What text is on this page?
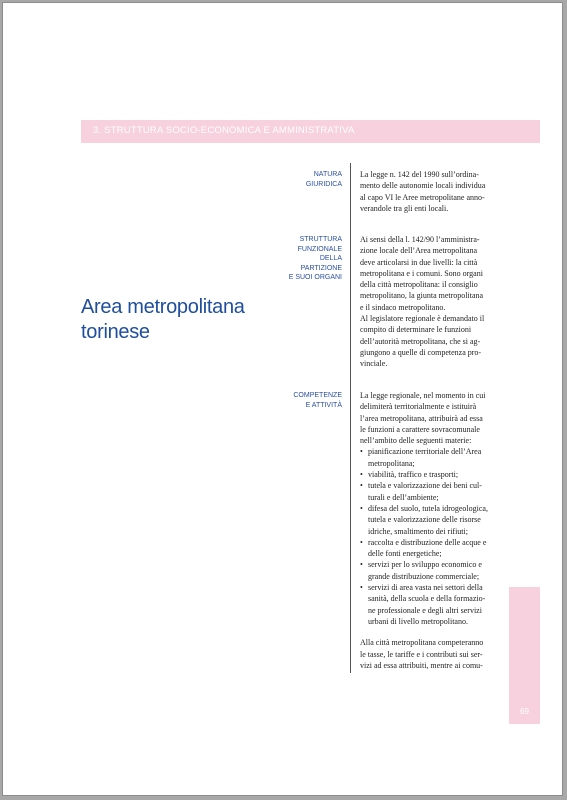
3. STRUTTURA SOCIO-ECONOMICA E AMMINISTRATIVA
Area metropolitana
torinese
NATURA
GIURIDICA
La legge n. 142 del 1990 sull’ordina-
mento delle autonomie locali individua
al capo VI le Aree metropolitane anno-
verandole tra gli enti locali.
STRUTTURA
FUNZIONALE
DELLA
PARTIZIONE
E SUOI ORGANI
Ai sensi della l. 142/90 l’amministra-
zione locale dell’Area metropolitana
deve articolarsi in due livelli: la città
metropolitana e i comuni. Sono organi
della città metropolitana: il consiglio
metropolitano, la giunta metropolitana
e il sindaco metropolitano.
Al legislatore regionale è demandato il
compito di determinare le funzioni
dell’autorità metropolitana, che si ag-
giungono a quelle di competenza pro-
vinciale.
COMPETENZE
E ATTIVITÀ
La legge regionale, nel momento in cui
delimiterà territorialmente e istituirà
l’area metropolitana, attribuirà ad essa
le funzioni a carattere sovracomunale
nell’ambito delle seguenti materie:
• pianificazione territoriale dell’Area
metropolitana;
• viabilità, traffico e trasporti;
• tutela e valorizzazione dei beni cul-
turali e dell’ambiente;
• difesa del suolo, tutela idrogeologica,
tutela e valorizzazione delle risorse
idriche, smaltimento dei rifiuti;
• raccolta e distribuzione delle acque e
delle fonti energetiche;
• servizi per lo sviluppo economico e
grande distribuzione commerciale;
• servizi di area vasta nei settori della
sanità, della scuola e della formazio-
ne professionale e degli altri servizi
urbani di livello metropolitano.
Alla città metropolitana competeranno
le tasse, le tariffe e i contributi sui ser-
vizi ad essa attribuiti, mentre ai comu-
69
